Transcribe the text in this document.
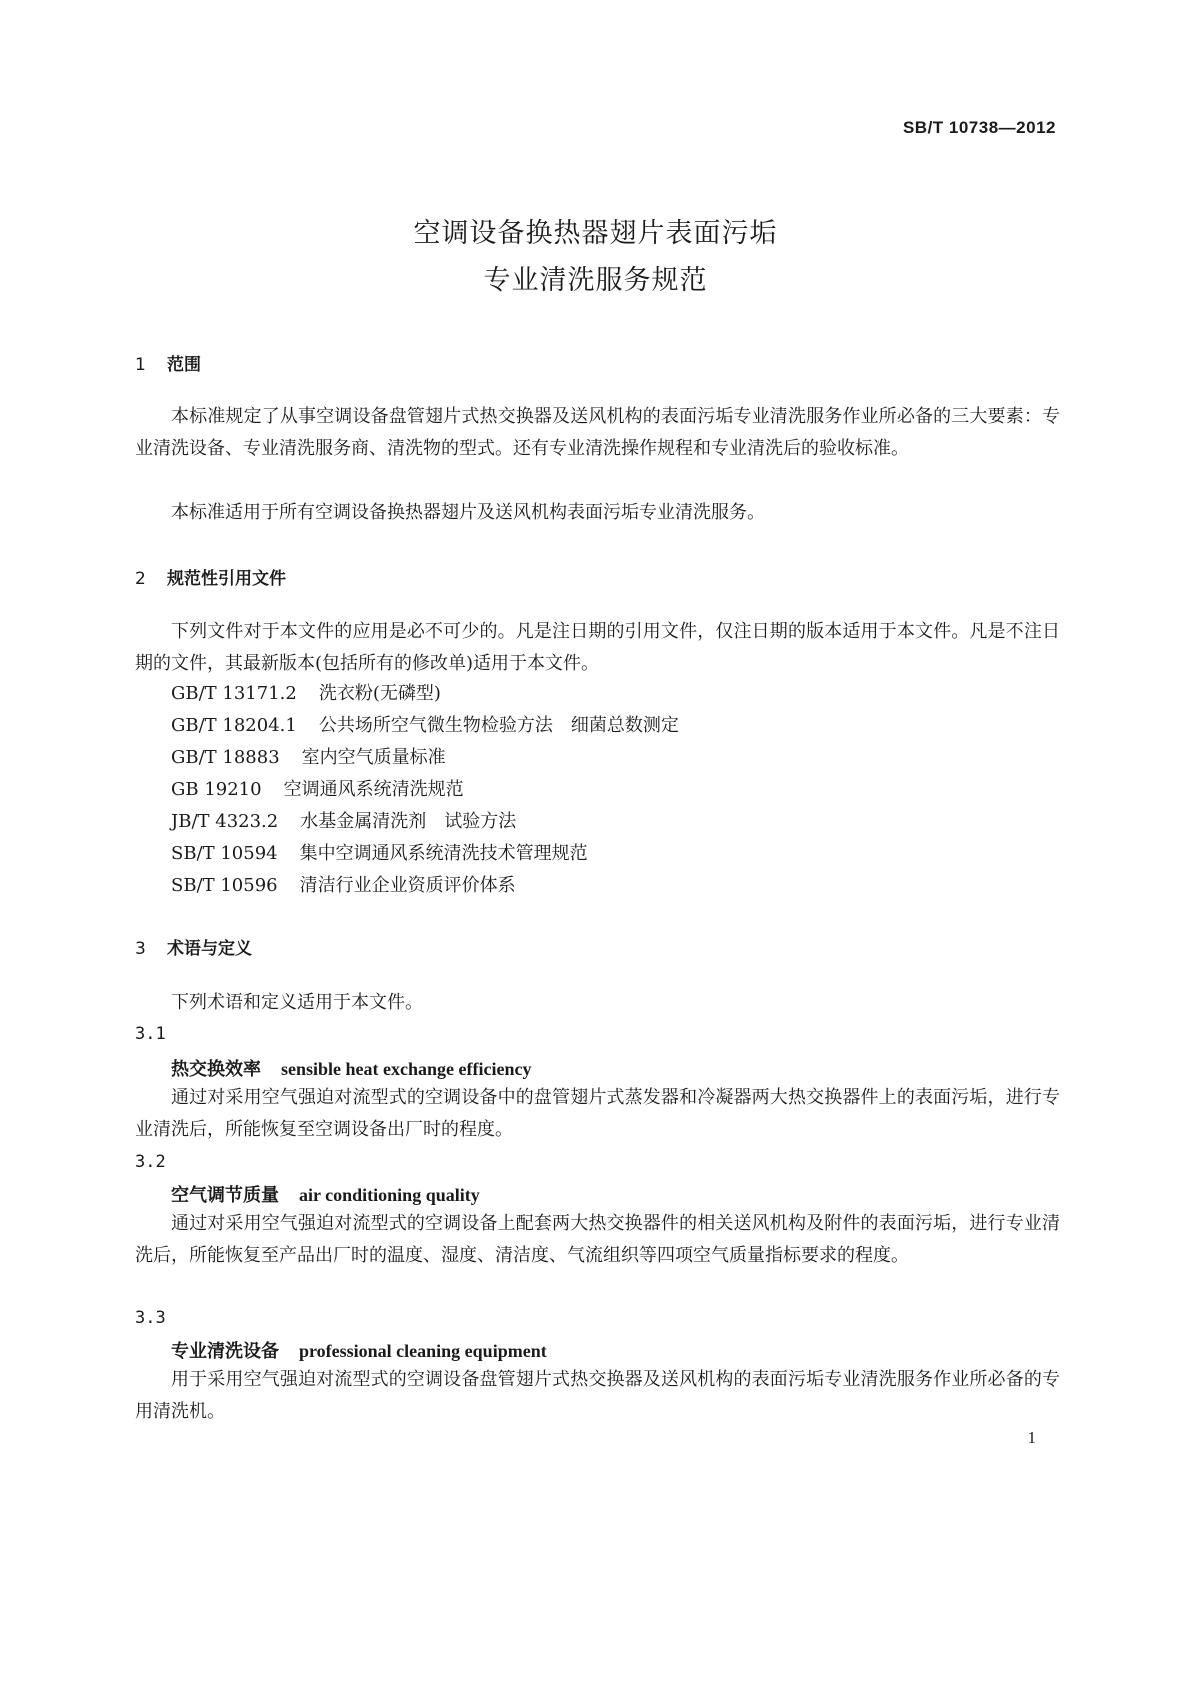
SB/T 10738—2012
空调设备换热器翅片表面污垢
专业清洗服务规范
1 范围

本标准规定了从事空调设备盘管翅片式热交换器及送风机构的表面污垢专业清洗服务作业所必备的三大要素：专业清洗设备、专业清洗服务商、清洗物的型式。还有专业清洗操作规程和专业清洗后的验收标准。

本标准适用于所有空调设备换热器翅片及送风机构表面污垢专业清洗服务。

2 规范性引用文件

下列文件对于本文件的应用是必不可少的。凡是注日期的引用文件，仅注日期的版本适用于本文件。凡是不注日期的文件，其最新版本(包括所有的修改单)适用于本文件。

GB/T 13171.2 洗衣粉(无磷型)
GB/T 18204.1 公共场所空气微生物检验方法　细菌总数测定
GB/T 18883 室内空气质量标准
GB 19210 空调通风系统清洗规范
JB/T 4323.2 水基金属清洗剂　试验方法
SB/T 10594 集中空调通风系统清洗技术管理规范
SB/T 10596 清洁行业企业资质评价体系
3 术语与定义

下列术语和定义适用于本文件。

3.1
热交换效率 sensible heat exchange efficiency

通过对采用空气强迫对流型式的空调设备中的盘管翅片式蒸发器和冷凝器两大热交换器件上的表面污垢，进行专业清洗后，所能恢复至空调设备出厂时的程度。

3.2
空气调节质量 air conditioning quality

通过对采用空气强迫对流型式的空调设备上配套两大热交换器件的相关送风机构及附件的表面污垢，进行专业清洗后，所能恢复至产品出厂时的温度、湿度、清洁度、气流组织等四项空气质量指标要求的程度。

3.3
专业清洗设备 professional cleaning equipment

用于采用空气强迫对流型式的空调设备盘管翅片式热交换器及送风机构的表面污垢专业清洗服务作业所必备的专用清洗机。

1
